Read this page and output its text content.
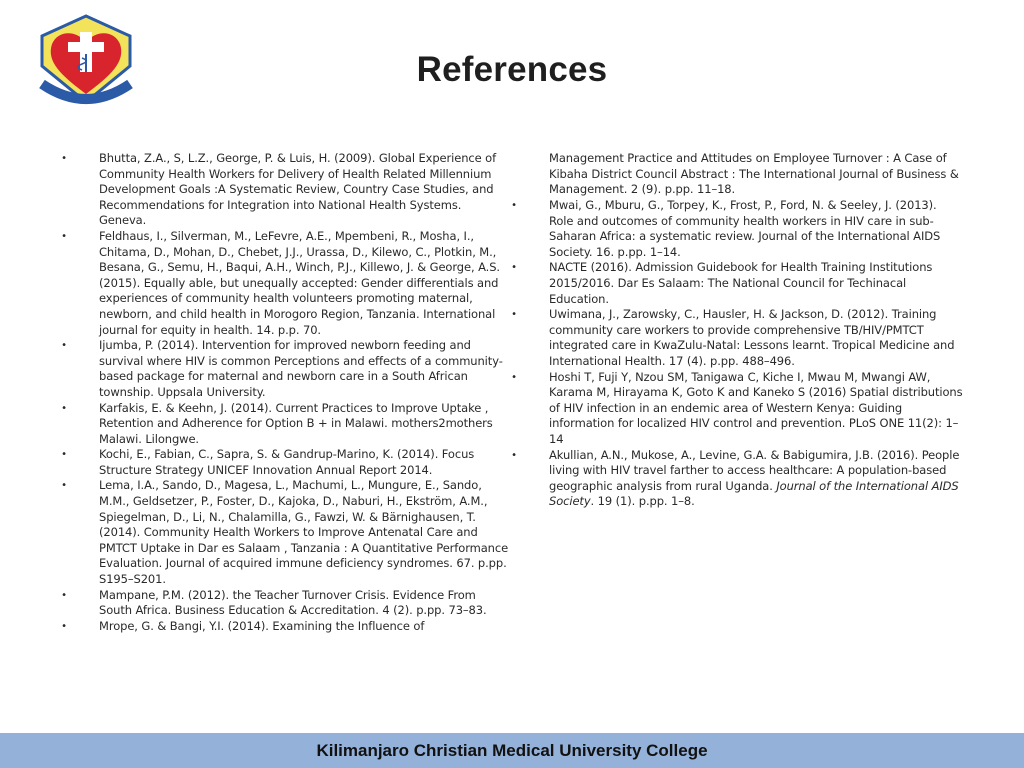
References
•	Bhutta, Z.A., S, L.Z., George, P. & Luis, H. (2009). Global Experience of Community Health Workers for Delivery of Health Related Millennium Development Goals :A Systematic Review, Country Case Studies, and Recommendations for Integration into National Health Systems. Geneva.
•	Feldhaus, I., Silverman, M., LeFevre, A.E., Mpembeni, R., Mosha, I., Chitama, D., Mohan, D., Chebet, J.J., Urassa, D., Kilewo, C., Plotkin, M., Besana, G., Semu, H., Baqui, A.H., Winch, P.J., Killewo, J. & George, A.S. (2015). Equally able, but unequally accepted: Gender differentials and experiences of community health volunteers promoting maternal, newborn, and child health in Morogoro Region, Tanzania. International journal for equity in health. 14. p.p. 70.
•	Ijumba, P. (2014). Intervention for improved newborn feeding and survival where HIV is common Perceptions and effects of a community-based package for maternal and newborn care in a South African township. Uppsala University.
•	Karfakis, E. & Keehn, J. (2014). Current Practices to Improve Uptake , Retention and Adherence for Option B + in Malawi. mothers2mothers Malawi. Lilongwe.
•	Kochi, E., Fabian, C., Sapra, S. & Gandrup-Marino, K. (2014). Focus Structure Strategy UNICEF Innovation Annual Report 2014.
•	Lema, I.A., Sando, D., Magesa, L., Machumi, L., Mungure, E., Sando, M.M., Geldsetzer, P., Foster, D., Kajoka, D., Naburi, H., Ekström, A.M., Spiegelman, D., Li, N., Chalamilla, G., Fawzi, W. & Bärnighausen, T. (2014). Community Health Workers to Improve Antenatal Care and PMTCT Uptake in Dar es Salaam , Tanzania : A Quantitative Performance Evaluation. Journal of acquired immune deficiency syndromes. 67. p.pp. S195–S201.
•	Mampane, P.M. (2012). the Teacher Turnover Crisis. Evidence From South Africa. Business Education & Accreditation. 4 (2). p.pp. 73–83.
•	Mrope, G. & Bangi, Y.I. (2014). Examining the Influence of
Management Practice and Attitudes on Employee Turnover : A Case of Kibaha District Council Abstract : The International Journal of Business & Management. 2 (9). p.pp. 11–18.
•	Mwai, G., Mburu, G., Torpey, K., Frost, P., Ford, N. & Seeley, J. (2013). Role and outcomes of community health workers in HIV care in sub-Saharan Africa: a systematic review. Journal of the International AIDS Society. 16. p.pp. 1–14.
•	NACTE (2016). Admission Guidebook for Health Training Institutions 2015/2016. Dar Es Salaam: The National Council for Techinacal Education.
•	Uwimana, J., Zarowsky, C., Hausler, H. & Jackson, D. (2012). Training community care workers to provide comprehensive TB/HIV/PMTCT integrated care in KwaZulu-Natal: Lessons learnt. Tropical Medicine and International Health. 17 (4). p.pp. 488–496.
•	Hoshi T, Fuji Y, Nzou SM, Tanigawa C, Kiche I, Mwau M, Mwangi AW, Karama M, Hirayama K, Goto K and Kaneko S (2016) Spatial distributions of HIV infection in an endemic area of Western Kenya: Guiding information for localized HIV control and prevention. PLoS ONE 11(2): 1–14
•	Akullian, A.N., Mukose, A., Levine, G.A. & Babigumira, J.B. (2016). People living with HIV travel farther to access healthcare: A population-based geographic analysis from rural Uganda. Journal of the International AIDS Society. 19 (1). p.pp. 1–8.
Kilimanjaro Christian Medical University College
